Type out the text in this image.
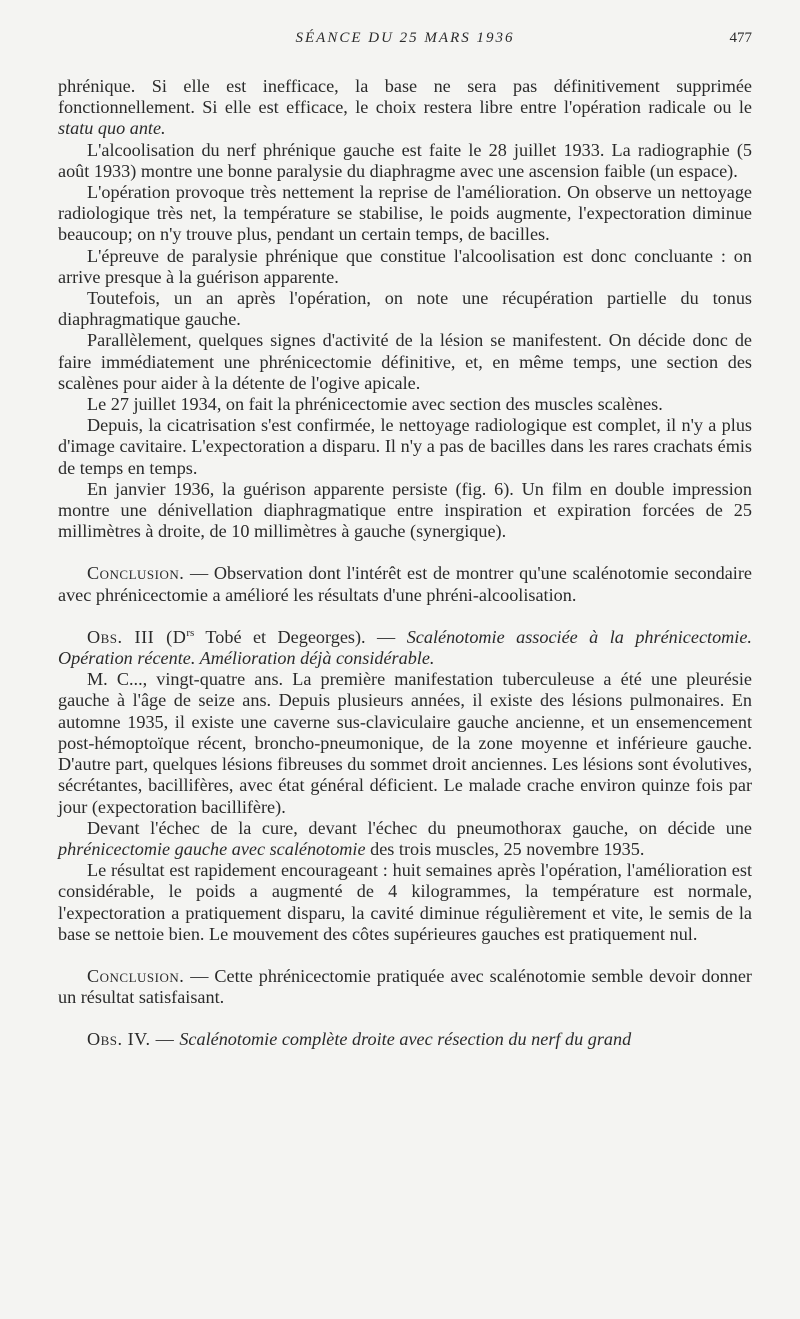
SÉANCE DU 25 MARS 1936	477

phrénique. Si elle est inefficace, la base ne sera pas définitivement supprimée fonctionnellement. Si elle est efficace, le choix restera libre entre l'opération radicale ou le statu quo ante.

L'alcoolisation du nerf phrénique gauche est faite le 28 juillet 1933. La radiographie (5 août 1933) montre une bonne paralysie du diaphragme avec une ascension faible (un espace).

L'opération provoque très nettement la reprise de l'amélioration. On observe un nettoyage radiologique très net, la température se stabilise, le poids augmente, l'expectoration diminue beaucoup; on n'y trouve plus, pendant un certain temps, de bacilles.

L'épreuve de paralysie phrénique que constitue l'alcoolisation est donc concluante : on arrive presque à la guérison apparente.

Toutefois, un an après l'opération, on note une récupération partielle du tonus diaphragmatique gauche.

Parallèlement, quelques signes d'activité de la lésion se manifestent. On décide donc de faire immédiatement une phrénicectomie définitive, et, en même temps, une section des scalènes pour aider à la détente de l'ogive apicale.

Le 27 juillet 1934, on fait la phrénicectomie avec section des muscles scalènes.

Depuis, la cicatrisation s'est confirmée, le nettoyage radiologique est complet, il n'y a plus d'image cavitaire. L'expectoration a disparu. Il n'y a pas de bacilles dans les rares crachats émis de temps en temps.

En janvier 1936, la guérison apparente persiste (fig. 6). Un film en double impression montre une dénivellation diaphragmatique entre inspiration et expiration forcées de 25 millimètres à droite, de 10 millimètres à gauche (synergique).

Conclusion. — Observation dont l'intérêt est de montrer qu'une scalénotomie secondaire avec phrénicectomie a amélioré les résultats d'une phréni-alcoolisation.

Obs. III ($D^{rs}$ Tobé et Degeorges). — Scalénotomie associée à la phrénicectomie. Opération récente. Amélioration déjà considérable.

M. C..., vingt-quatre ans. La première manifestation tuberculeuse a été une pleurésie gauche à l'âge de seize ans. Depuis plusieurs années, il existe des lésions pulmonaires. En automne 1935, il existe une caverne sus-claviculaire gauche ancienne, et un ensemencement post-hémoptoïque récent, broncho-pneumonique, de la zone moyenne et inférieure gauche. D'autre part, quelques lésions fibreuses du sommet droit anciennes. Les lésions sont évolutives, sécrétantes, bacillifères, avec état général déficient. Le malade crache environ quinze fois par jour (expectoration bacillifère).

Devant l'échec de la cure, devant l'échec du pneumothorax gauche, on décide une phrénicectomie gauche avec scalénotomie des trois muscles, 25 novembre 1935.

Le résultat est rapidement encourageant : huit semaines après l'opération, l'amélioration est considérable, le poids a augmenté de 4 kilogrammes, la température est normale, l'expectoration a pratiquement disparu, la cavité diminue régulièrement et vite, le semis de la base se nettoie bien. Le mouvement des côtes supérieures gauches est pratiquement nul.

Conclusion. — Cette phrénicectomie pratiquée avec scalénotomie semble devoir donner un résultat satisfaisant.

Obs. IV. — Scalénotomie complète droite avec résection du nerf du grand
